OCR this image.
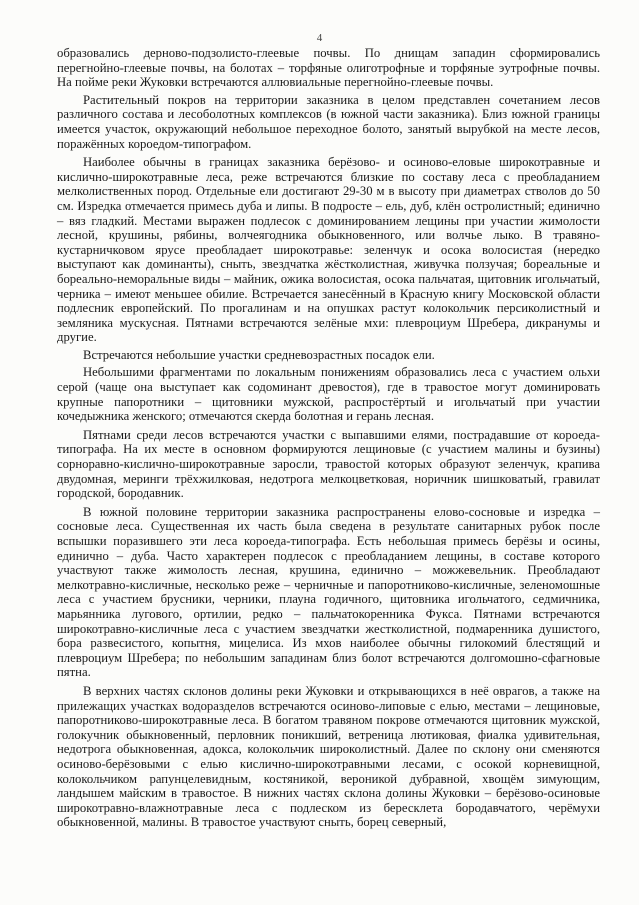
4

образовались дерново-подзолисто-глеевые почвы. По днищам западин сформировались перегнойно-глеевые почвы, на болотах – торфяные олиготрофные и торфяные эутрофные почвы. На пойме реки Жуковки встречаются аллювиальные перегнойно-глеевые почвы.

Растительный покров на территории заказника в целом представлен сочетанием лесов различного состава и лесоболотных комплексов (в южной части заказника). Близ южной границы имеется участок, окружающий небольшое переходное болото, занятый вырубкой на месте лесов, поражённых короедом-типографом.

Наиболее обычны в границах заказника берёзово- и осиново-еловые широкотравные и кислично-широкотравные леса, реже встречаются близкие по составу леса с преобладанием мелколиственных пород. Отдельные ели достигают 29-30 м в высоту при диаметрах стволов до 50 см. Изредка отмечается примесь дуба и липы. В подросте – ель, дуб, клён остролистный; единично – вяз гладкий. Местами выражен подлесок с доминированием лещины при участии жимолости лесной, крушины, рябины, волчеягодника обыкновенного, или волчье лыко. В травяно-кустарничковом ярусе преобладает широкотравье: зеленчук и осока волосистая (нередко выступают как доминанты), сныть, звездчатка жёстколистная, живучка ползучая; бореальные и бореально-неморальные виды – майник, ожика волосистая, осока пальчатая, щитовник игольчатый, черника – имеют меньшее обилие. Встречается занесённый в Красную книгу Московской области подлесник европейский. По прогалинам и на опушках растут колокольчик персиколистный и земляника мускусная. Пятнами встречаются зелёные мхи: плевроциум Шребера, дикранумы и другие.

Встречаются небольшие участки средневозрастных посадок ели.

Небольшими фрагментами по локальным понижениям образовались леса с участием ольхи серой (чаще она выступает как содоминант древостоя), где в травостое могут доминировать крупные папоротники – щитовники мужской, распростёртый и игольчатый при участии кочедыжника женского; отмечаются скерда болотная и герань лесная.

Пятнами среди лесов встречаются участки с выпавшими елями, пострадавшие от короеда-типографа. На их месте в основном формируются лещиновые (с участием малины и бузины) сорноравно-кислично-широкотравные заросли, травостой которых образуют зеленчук, крапива двудомная, меринги трёхжилковая, недотрога мелкоцветковая, норичник шишковатый, гравилат городской, бородавник.

В южной половине территории заказника распространены елово-сосновые и изредка – сосновые леса. Существенная их часть была сведена в результате санитарных рубок после вспышки поразившего эти леса короеда-типографа. Есть небольшая примесь берёзы и осины, единично – дуба. Часто характерен подлесок с преобладанием лещины, в составе которого участвуют также жимолость лесная, крушина, единично – можжевельник. Преобладают мелкотравно-кисличные, несколько реже – черничные и папоротниково-кисличные, зеленомошные леса с участием брусники, черники, плауна годичного, щитовника игольчатого, седмичника, марьянника лугового, ортилии, редко – пальчатокоренника Фукса. Пятнами встречаются широкотравно-кисличные леса с участием звездчатки жестколистной, подмаренника душистого, бора развесистого, копытня, мицелиса. Из мхов наиболее обычны гилокомий блестящий и плевроциум Шребера; по небольшим западинам близ болот встречаются долгомошно-сфагновые пятна.

В верхних частях склонов долины реки Жуковки и открывающихся в неё оврагов, а также на прилежащих участках водоразделов встречаются осиново-липовые с елью, местами – лещиновые, папоротниково-широкотравные леса. В богатом травяном покрове отмечаются щитовник мужской, голокучник обыкновенный, перловник поникший, ветреница лютиковая, фиалка удивительная, недотрога обыкновенная, адокса, колокольчик широколистный. Далее по склону они сменяются осиново-берёзовыми с елью кислично-широкотравными лесами, с осокой корневищной, колокольчиком рапунцелевидным, костяникой, вероникой дубравной, хвощём зимующим, ландышем майским в травостое. В нижних частях склона долины Жуковки – берёзово-осиновые широкотравно-влажнотравные леса с подлеском из бересклета бородавчатого, черёмухи обыкновенной, малины. В травостое участвуют сныть, борец северный,
